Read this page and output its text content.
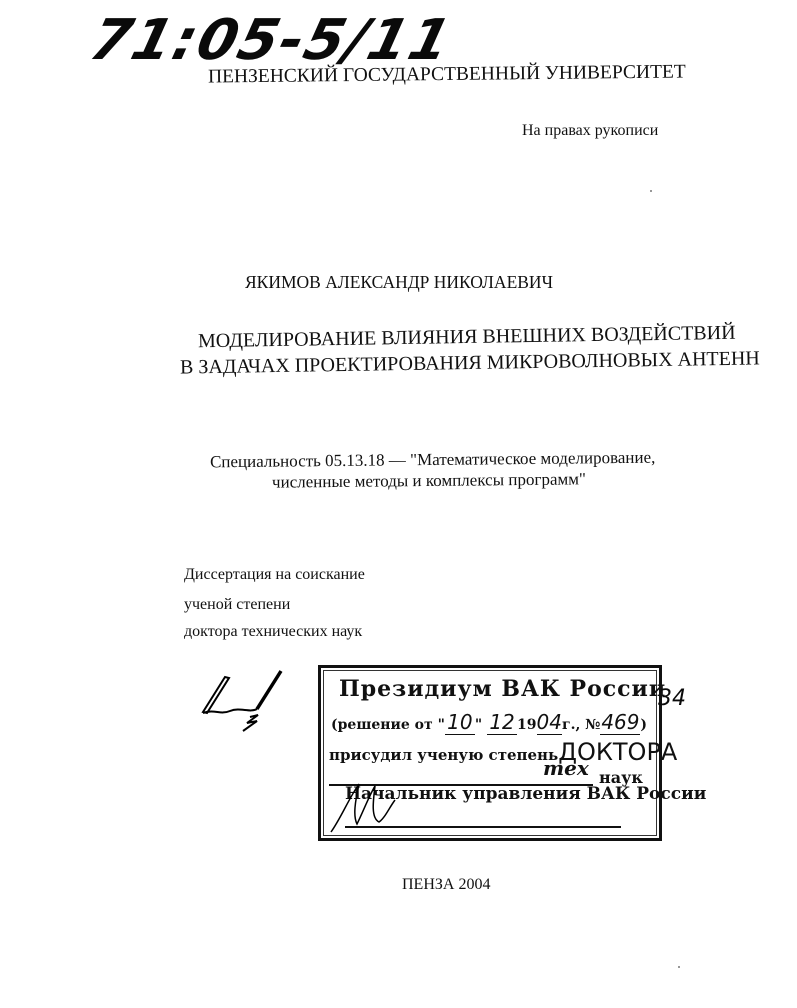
71:05-5/11
ПЕНЗЕНСКИЙ ГОСУДАРСТВЕННЫЙ УНИВЕРСИТЕТ
На правах рукописи
ЯКИМОВ АЛЕКСАНДР НИКОЛАЕВИЧ
МОДЕЛИРОВАНИЕ ВЛИЯНИЯ ВНЕШНИХ ВОЗДЕЙСТВИЙ
В ЗАДАЧАХ ПРОЕКТИРОВАНИЯ МИКРОВОЛНОВЫХ АНТЕНН
Специальность 05.13.18 — "Математическое моделирование,
численные методы и комплексы программ"
Диссертация на соискание
ученой степени
доктора технических наук
Президиум ВАК России
(решение от " 10 " 12 1904г., №469)
присудил ученую степеньДОКТОРА
тех наук
Начальник управления ВАК России
34
ПЕНЗА 2004
